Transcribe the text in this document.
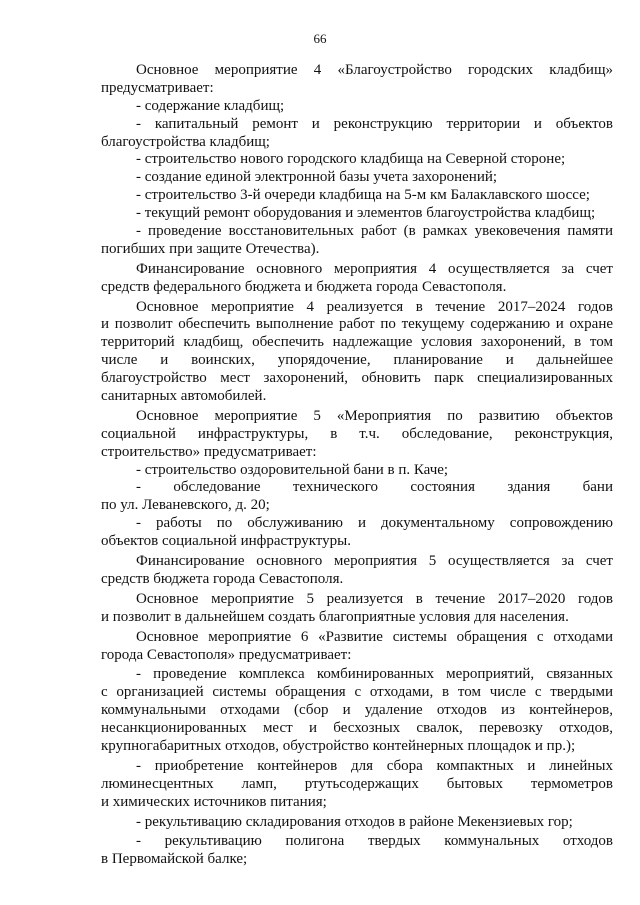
66
Основное мероприятие 4 «Благоустройство городских кладбищ»
предусматривает:
- содержание кладбищ;
- капитальный ремонт и реконструкцию территории и объектов
благоустройства кладбищ;
- строительство нового городского кладбища на Северной стороне;
- создание единой электронной базы учета захоронений;
- строительство 3-й очереди кладбища на 5-м км Балаклавского шоссе;
- текущий ремонт оборудования и элементов благоустройства кладбищ;
- проведение восстановительных работ (в рамках увековечения памяти
погибших при защите Отечества).
Финансирование основного мероприятия 4 осуществляется за счет
средств федерального бюджета и бюджета города Севастополя.
Основное мероприятие 4 реализуется в течение 2017–2024 годов
и позволит обеспечить выполнение работ по текущему содержанию и охране
территорий кладбищ, обеспечить надлежащие условия захоронений, в том
числе и воинских, упорядочение, планирование и дальнейшее
благоустройство мест захоронений, обновить парк специализированных
санитарных автомобилей.
Основное мероприятие 5 «Мероприятия по развитию объектов
социальной инфраструктуры, в т.ч. обследование, реконструкция,
строительство» предусматривает:
- строительство оздоровительной бани в п. Каче;
- обследование технического состояния здания бани
по ул. Леваневского, д. 20;
- работы по обслуживанию и документальному сопровождению
объектов социальной инфраструктуры.
Финансирование основного мероприятия 5 осуществляется за счет
средств бюджета города Севастополя.
Основное мероприятие 5 реализуется в течение 2017–2020 годов
и позволит в дальнейшем создать благоприятные условия для населения.
Основное мероприятие 6 «Развитие системы обращения с отходами
города Севастополя» предусматривает:
- проведение комплекса комбинированных мероприятий, связанных
с организацией системы обращения с отходами, в том числе с твердыми
коммунальными отходами (сбор и удаление отходов из контейнеров,
несанкционированных мест и бесхозных свалок, перевозку отходов,
крупногабаритных отходов, обустройство контейнерных площадок и пр.);
- приобретение контейнеров для сбора компактных и линейных
люминесцентных ламп, ртутьсодержащих бытовых термометров
и химических источников питания;
- рекультивацию складирования отходов в районе Мекензиевых гор;
- рекультивацию полигона твердых коммунальных отходов
в Первомайской балке;
